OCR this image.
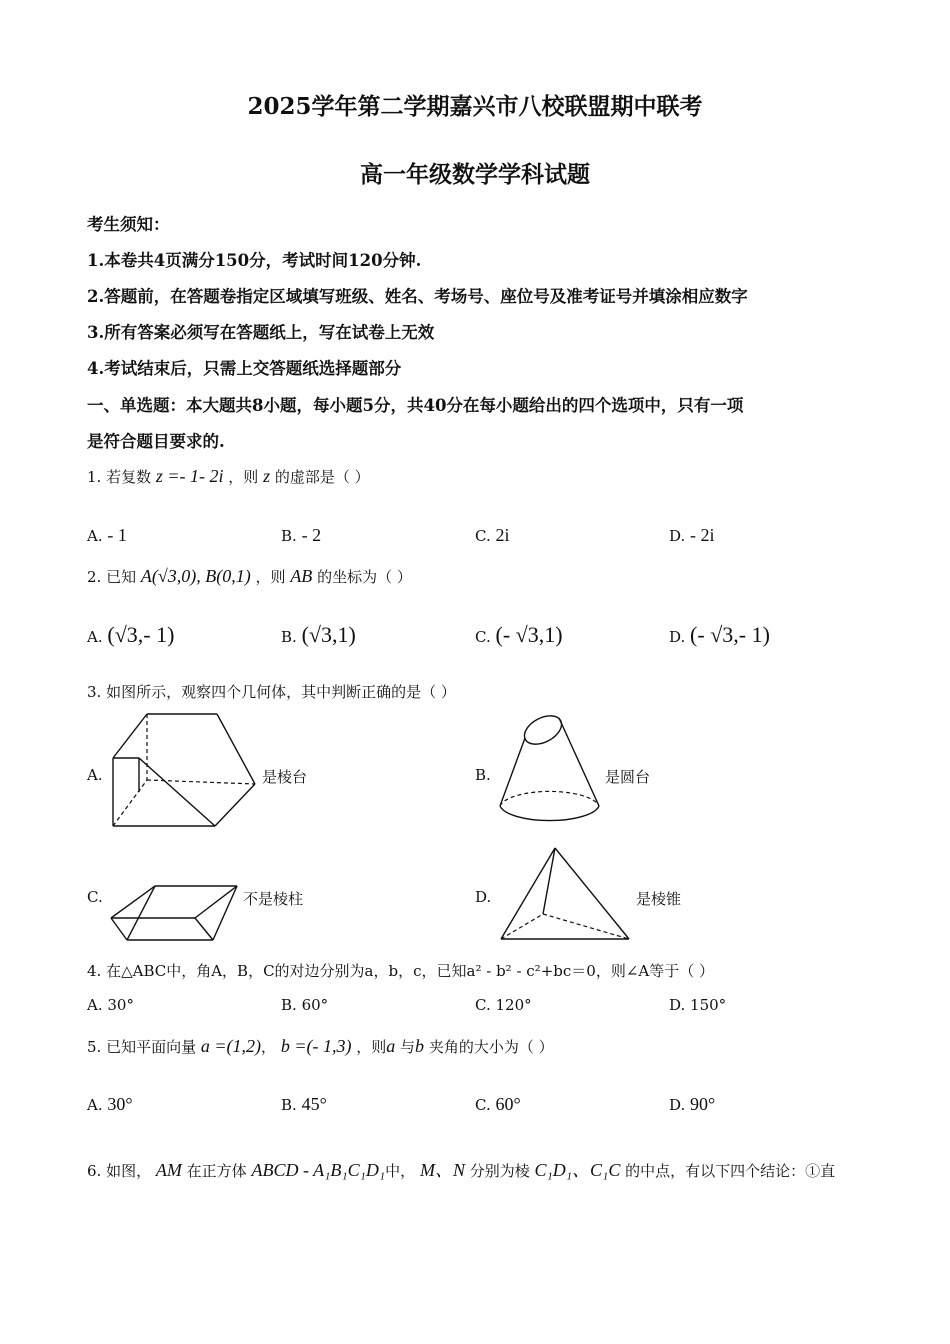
2025学年第二学期嘉兴市八校联盟期中联考
高一年级数学学科试题
考生须知：
1.本卷共4页满分150分，考试时间120分钟.
2.答题前，在答题卷指定区域填写班级、姓名、考场号、座位号及准考证号并填涂相应数字
3.所有答案必须写在答题纸上，写在试卷上无效
4.考试结束后，只需上交答题纸选择题部分
一、单选题：本大题共8小题，每小题5分，共40分在每小题给出的四个选项中，只有一项
是符合题目要求的.
1. 若复数 z =- 1- 2i ，则 z 的虚部是（ ）
A. - 1	B. - 2	C. 2i	D. - 2i
2. 已知 A(√3,0), B(0,1) ，则 AB 的坐标为（ ）
A. (√3,- 1)	B. (√3,1)	C. (- √3,1)	D. (- √3,- 1)
3. 如图所示，观察四个几何体，其中判断正确的是（ ）
A.	是棱台	B.	是圆台
C.	不是棱柱	D.	是棱锥
4. 在△ABC中，角A，B，C的对边分别为a，b，c，已知a² - b² - c²+bc＝0，则∠A等于（ ）
A. 30°	B. 60°	C. 120°	D. 150°
5. 已知平面向量 a =(1,2)， b =(- 1,3) ，则a 与b 夹角的大小为（ ）
A. 30°	B. 45°	C. 60°	D. 90°
6. 如图， AM 在正方体 ABCD - A₁B₁C₁D₁中， M、N 分别为棱 C₁D₁、C₁C 的中点，有以下四个结论：①直
